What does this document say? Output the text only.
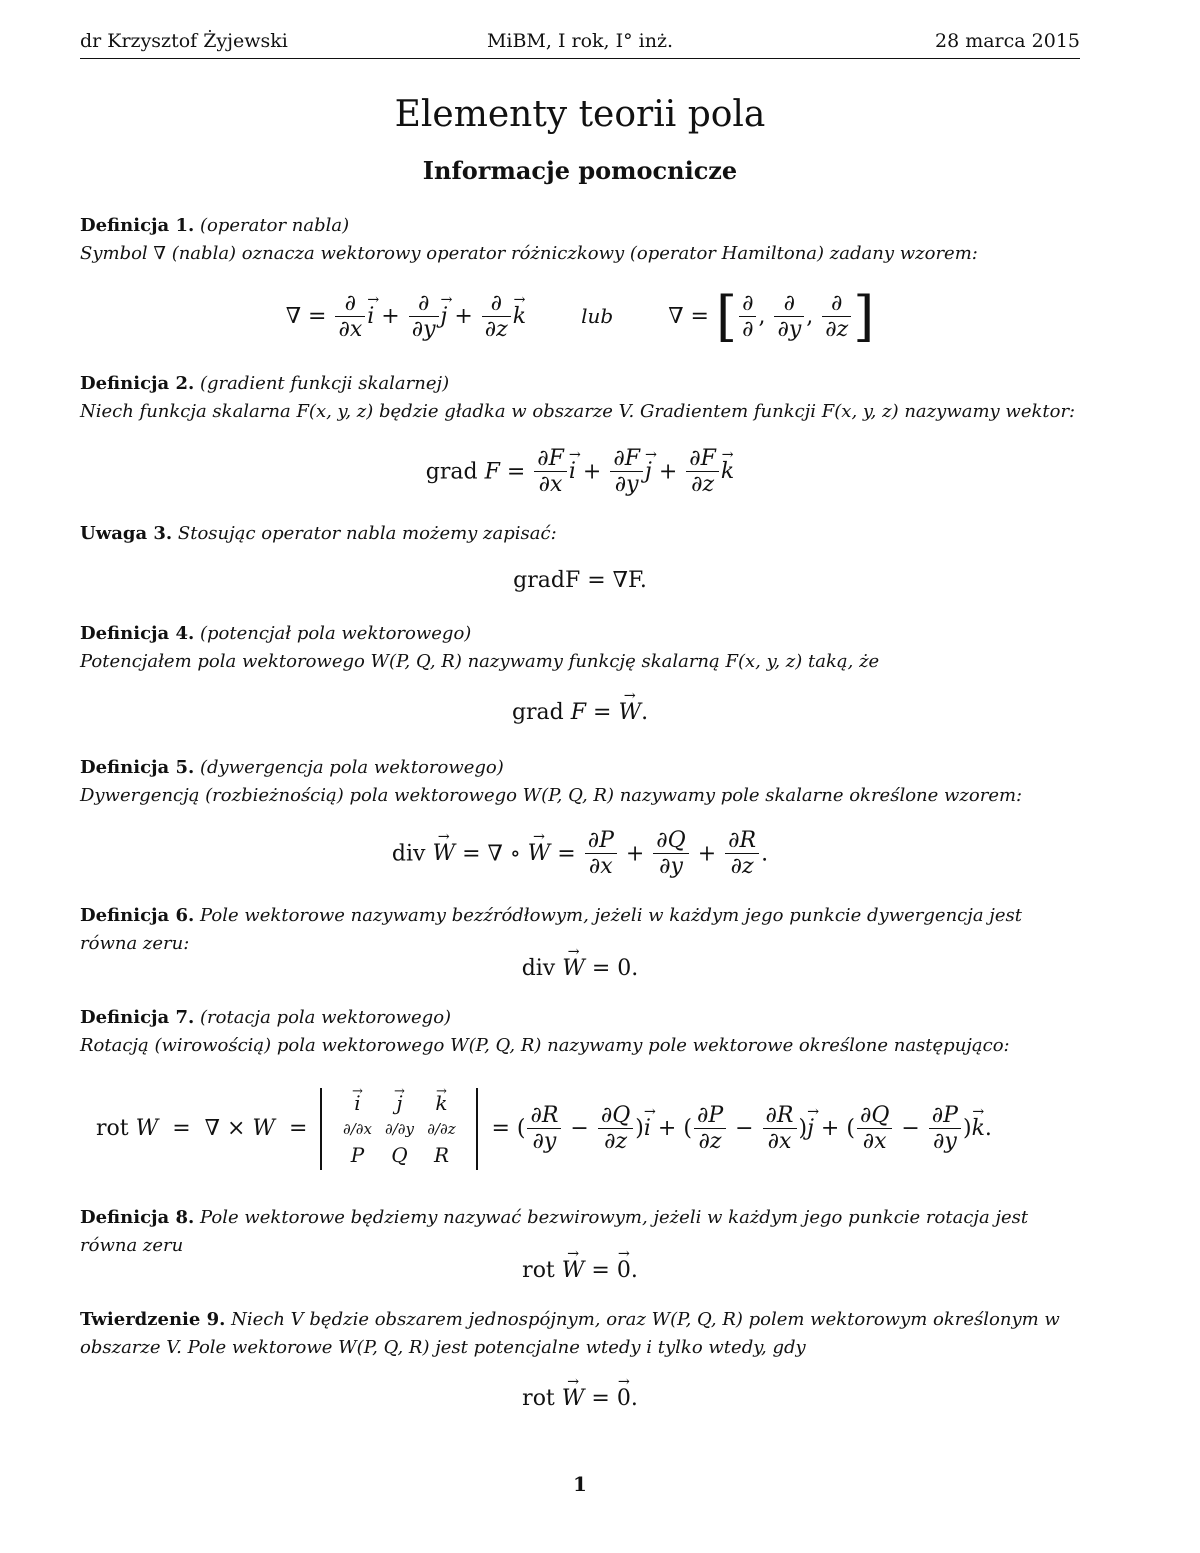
dr Krzysztof Żyjewski	MiBM, I rok, I° inż.	28 marca 2015
Elementy teorii pola
Informacje pomocnicze
Definicja 1. (operator nabla)
Symbol ∇ (nabla) oznacza wektorowy operator różniczkowy (operator Hamiltona) zadany wzorem:
∇ = $\frac{\partial}{\partial x}$
→ $i + \frac{\partial}{\partial y}$
→ $j + \frac{\partial}{\partial z}$
→ k	lub ∇ = [ $\frac{\partial}{\partial}$ , $\frac{\partial}{\partial y}$ , $\frac{\partial}{\partial z}$ ]
Definicja 2. (gradient funkcji skalarnej)
Niech funkcja skalarna F(x, y, z) będzie gładka w obszarze V. Gradientem funkcji F(x, y, z) nazywamy wektor:
grad $F = \frac{\partial F}{\partial x}$
→ $i + \frac{\partial F}{\partial y}$
→ $j + \frac{\partial F}{\partial z}$
→ k
Uwaga 3. Stosując operator nabla możemy zapisać:
gradF = ∇F.
Definicja 4. (potencjał pola wektorowego)
Potencjałem pola wektorowego W(P, Q, R) nazywamy funkcję skalarną F(x, y, z) taką, że
grad F = → W.
Definicja 5. (dywergencja pola wektorowego)
Dywergencją (rozbieżnością) pola wektorowego W(P, Q, R) nazywamy pole skalarne określone wzorem:
div → W = ∇ ∘ → $W = \frac{\partial P}{\partial x} + \frac{\partial Q}{\partial y} + \frac{\partial R}{\partial z}$ .
Definicja 6. Pole wektorowe nazywamy bezźródłowym, jeżeli w każdym jego punkcie dywergencja jest równa zeru:
div → W = 0.
Definicja 7. (rotacja pola wektorowego)
Rotacją (wirowością) pola wektorowego W(P, Q, R) nazywamy pole wektorowe określone następująco:
rot W  =  ∇ × W  =
→ i
→	j
→	k
∂/∂x ∂/∂y ∂/∂z
P	Q	R
= ( $\frac{\partial R}{\partial y} - \frac{\partial Q}{\partial z}$ )→ i + ( $\frac{\partial P}{\partial z} - \frac{\partial R}{\partial x}$ )→ j + ( $\frac{\partial Q}{\partial x} - \frac{\partial P}{\partial y}$ )→ k.
Definicja 8. Pole wektorowe będziemy nazywać bezwirowym, jeżeli w każdym jego punkcie rotacja jest równa zeru
rot → W = → 0.
Twierdzenie 9. Niech V będzie obszarem jednospójnym, oraz W(P, Q, R) polem wektorowym określonym w obszarze V. Pole wektorowe W(P, Q, R) jest potencjalne wtedy i tylko wtedy, gdy
rot → W = → 0.
1
